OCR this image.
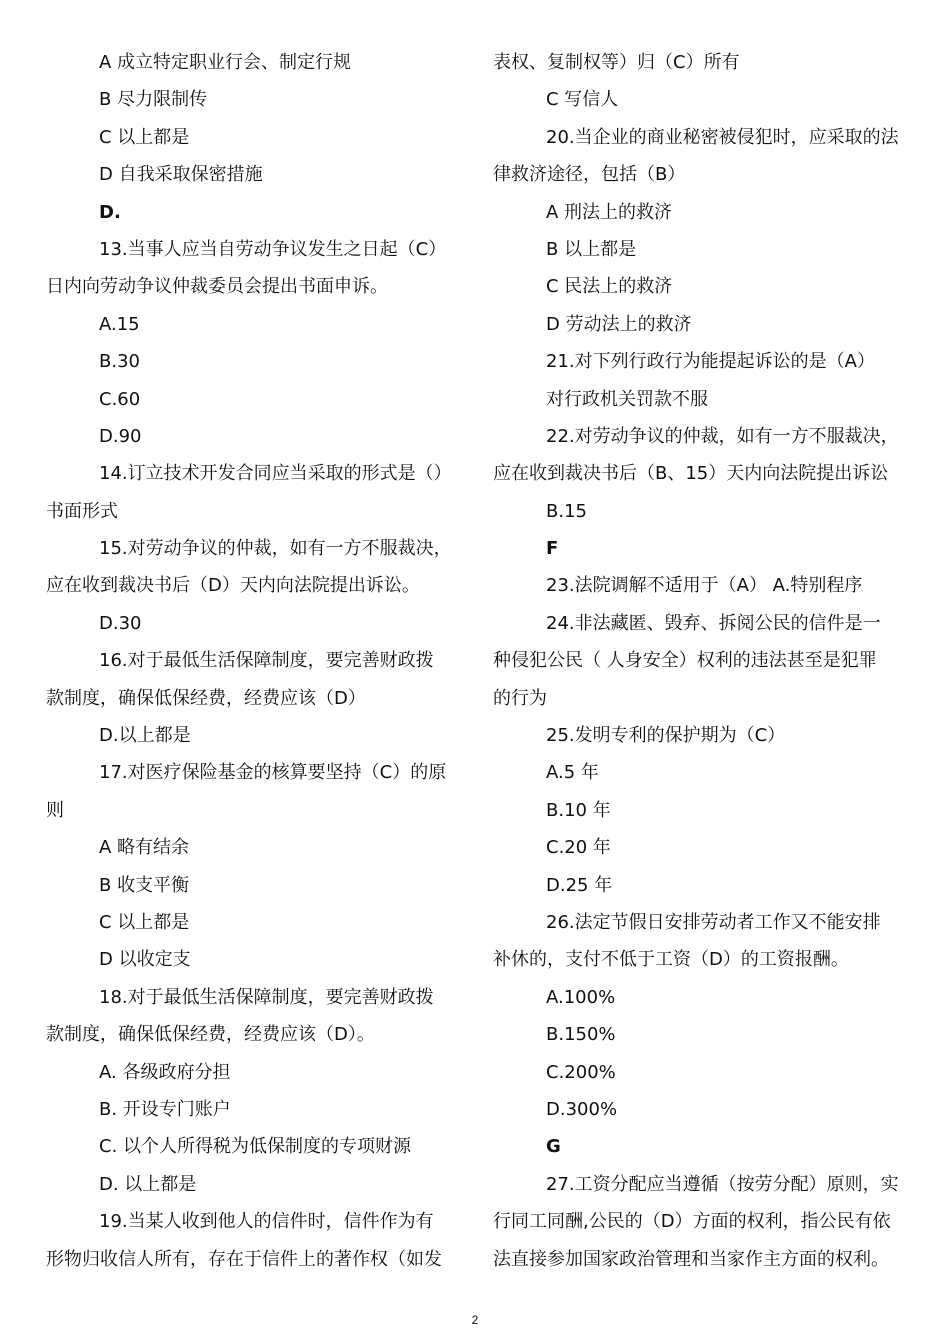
A 成立特定职业行会、制定行规
B 尽力限制传
C 以上都是
D 自我采取保密措施
D.
13.当事人应当自劳动争议发生之日起（C）
日内向劳动争议仲裁委员会提出书面申诉。
A.15
B.30
C.60
D.90
14.订立技术开发合同应当采取的形式是（）
书面形式
15.对劳动争议的仲裁，如有一方不服裁决，
应在收到裁决书后（D）天内向法院提出诉讼。
D.30
16.对于最低生活保障制度，要完善财政拨
款制度，确保低保经费，经费应该（D）
D.以上都是
17.对医疗保险基金的核算要坚持（C）的原
则
A 略有结余
B 收支平衡
C 以上都是
D 以收定支
18.对于最低生活保障制度，要完善财政拨
款制度，确保低保经费，经费应该（D）。
A. 各级政府分担
B. 开设专门账户
C. 以个人所得税为低保制度的专项财源
D. 以上都是
19.当某人收到他人的信件时，信件作为有
形物归收信人所有，存在于信件上的著作权（如发
表权、复制权等）归（C）所有
C 写信人
20.当企业的商业秘密被侵犯时，应采取的法
律救济途径，包括（B）
A 刑法上的救济
B 以上都是
C 民法上的救济
D 劳动法上的救济
21.对下列行政行为能提起诉讼的是（A）
对行政机关罚款不服
22.对劳动争议的仲裁，如有一方不服裁决，
应在收到裁决书后（B、15）天内向法院提出诉讼
B.15
F
23.法院调解不适用于（A） A.特别程序
24.非法藏匿、毁弃、拆阅公民的信件是一
种侵犯公民（ 人身安全）权利的违法甚至是犯罪
的行为
25.发明专利的保护期为（C）
A.5 年
B.10 年
C.20 年
D.25 年
26.法定节假日安排劳动者工作又不能安排
补休的，支付不低于工资（D）的工资报酬。
A.100%
B.150%
C.200%
D.300%
G
27.工资分配应当遵循（按劳分配）原则，实
行同工同酬,公民的（D）方面的权利，指公民有依
法直接参加国家政治管理和当家作主方面的权利。
2
